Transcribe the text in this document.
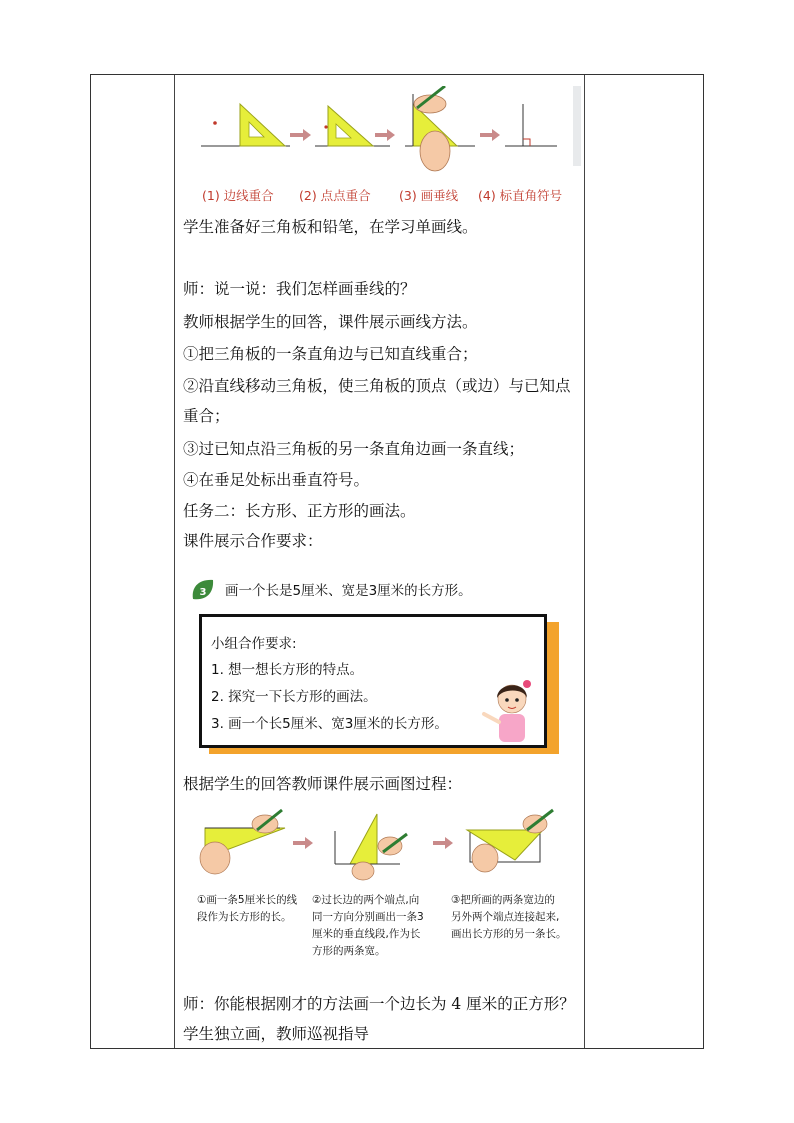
(1) 边线重合 (2) 点点重合 (3) 画垂线 (4) 标直角符号
学生准备好三角板和铅笔，在学习单画线。
师：说一说：我们怎样画垂线的？
教师根据学生的回答，课件展示画线方法。
①把三角板的一条直角边与已知直线重合；
②沿直线移动三角板，使三角板的顶点（或边）与已知点
重合；
③过已知点沿三角板的另一条直角边画一条直线；
④在垂足处标出垂直符号。
任务二：长方形、正方形的画法。
课件展示合作要求：
3 画一个长是5厘米、宽是3厘米的长方形。
小组合作要求:
1. 想一想长方形的特点。
2. 探究一下长方形的画法。
3. 画一个长5厘米、宽3厘米的长方形。
根据学生的回答教师课件展示画图过程：
①画一条5厘米长的线
段作为长方形的长。
②过长边的两个端点,向
同一方向分别画出一条3
厘米的垂直线段,作为长
方形的两条宽。
③把所画的两条宽边的
另外两个端点连接起来,
画出长方形的另一条长。
师：你能根据刚才的方法画一个边长为 4 厘米的正方形？
学生独立画，教师巡视指导
